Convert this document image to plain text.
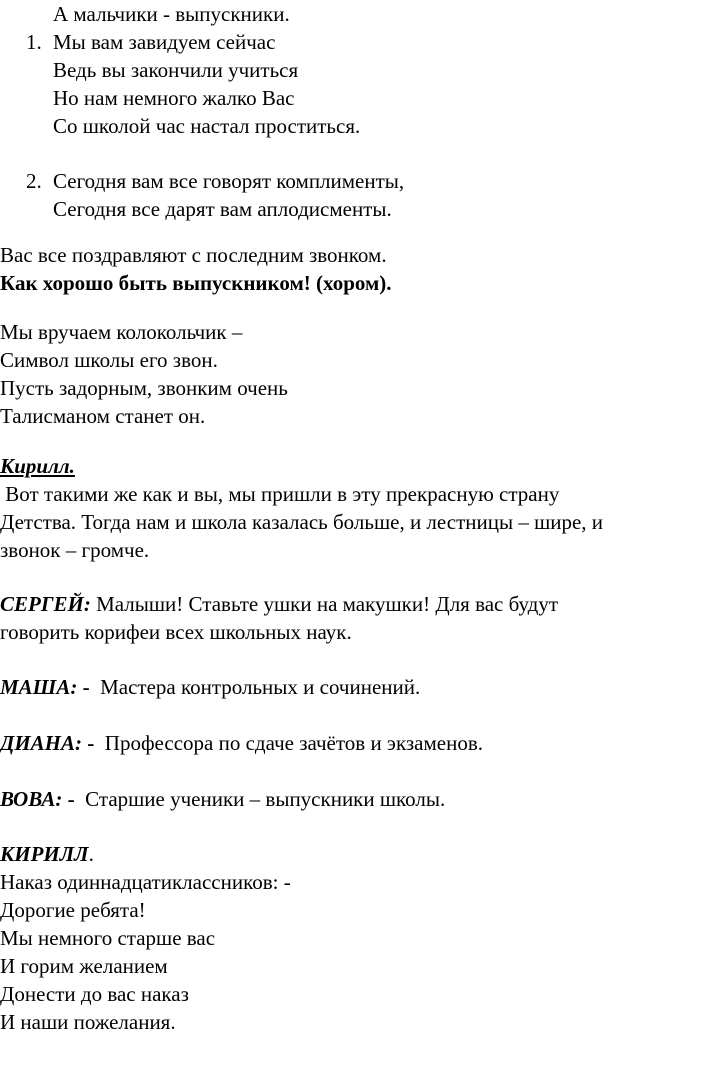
А мальчики - выпускники.
1. Мы вам завидуем сейчас
Ведь вы закончили учиться
Но нам немного жалко Вас
Со школой час настал проститься.
2. Сегодня вам все говорят комплименты,
Сегодня все дарят вам аплодисменты.
Вас все поздравляют с последним звонком.
Как хорошо быть выпускником! (хором).
Мы вручаем колокольчик –
Символ школы его звон.
Пусть задорным, звонким очень
Талисманом станет он.
Кирилл.
Вот такими же как и вы, мы пришли в эту прекрасную страну
Детства. Тогда нам и школа казалась больше, и лестницы – шире, и
звонок – громче.
СЕРГЕЙ: Малыши! Ставьте ушки на макушки! Для вас будут
говорить корифеи всех школьных наук.
МАША: -  Мастера контрольных и сочинений.
ДИАНА: -  Профессора по сдаче зачётов и экзаменов.
ВОВА: -  Старшие ученики – выпускники школы.
КИРИЛЛ.
Наказ одиннадцатиклассников: -
Дорогие ребята!
Мы немного старше вас
И горим желанием
Донести до вас наказ
И наши пожелания.
